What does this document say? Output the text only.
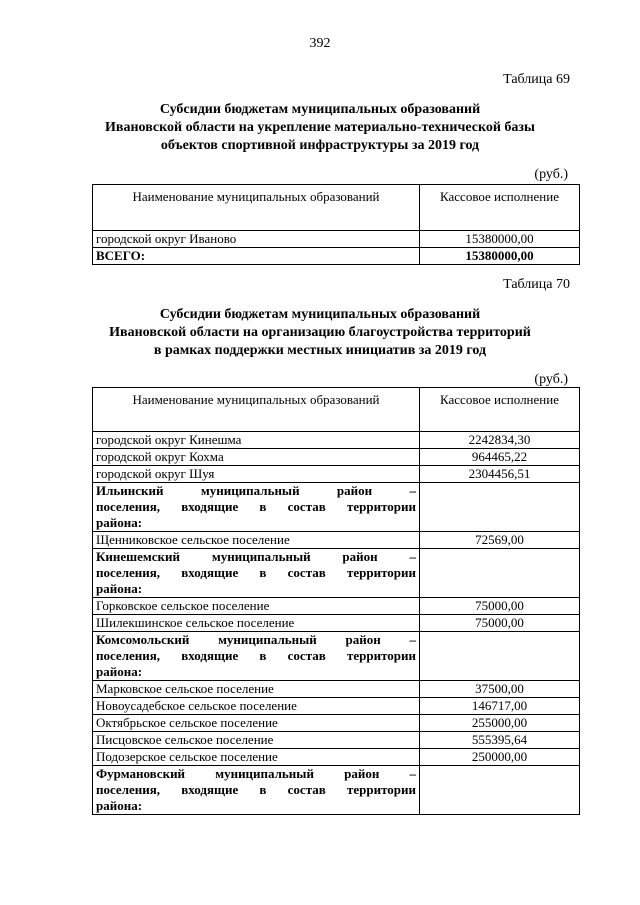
392
Таблица 69
Субсидии бюджетам муниципальных образований
Ивановской области на укрепление материально-технической базы
объектов спортивной инфраструктуры за 2019 год
(руб.)
Наименование муниципальных образований	Кассовое исполнение
городской округ Иваново	15380000,00
ВСЕГО:	15380000,00
Таблица 70
Субсидии бюджетам муниципальных образований
Ивановской области на организацию благоустройства территорий
в рамках поддержки местных инициатив за 2019 год
(руб.)
Наименование муниципальных образований	Кассовое исполнение
городской округ Кинешма	2242834,30
городской округ Кохма	964465,22
городской округ Шуя	2304456,51

Ильинский муниципальный район –
поселения, входящие в состав территории
района:	

Щенниковское сельское поселение	72569,00

Кинешемский муниципальный район –
поселения, входящие в состав территории
района:	

Горковское сельское поселение	75000,00
Шилекшинское сельское поселение	75000,00

Комсомольский муниципальный район –
поселения, входящие в состав территории
района:	

Марковское сельское поселение	37500,00
Новоусадебское сельское поселение	146717,00
Октябрьское сельское поселение	255000,00
Писцовское сельское поселение	555395,64
Подозерское сельское поселение	250000,00

Фурмановский муниципальный район –
поселения, входящие в состав территории
района:	
